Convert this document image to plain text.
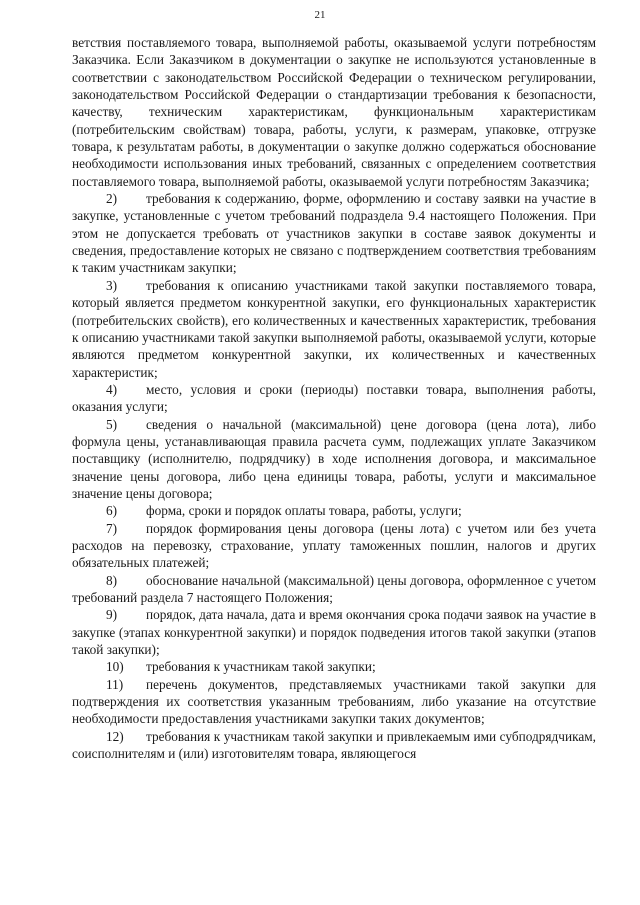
21

ветствия поставляемого товара, выполняемой работы, оказываемой услуги потребностям Заказчика. Если Заказчиком в документации о закупке не используются установленные в соответствии с законодательством Российской Федерации о техническом регулировании, законодательством Российской Федерации о стандартизации требования к безопасности, качеству, техническим характеристикам, функциональным характеристикам (потребительским свойствам) товара, работы, услуги, к размерам, упаковке, отгрузке товара, к результатам работы, в документации о закупке должно содержаться обоснование необходимости использования иных требований, связанных с определением соответствия поставляемого товара, выполняемой работы, оказываемой услуги потребностям Заказчика;

2) требования к содержанию, форме, оформлению и составу заявки на участие в закупке, установленные с учетом требований подраздела 9.4 настоящего Положения. При этом не допускается требовать от участников закупки в составе заявок документы и сведения, предоставление которых не связано с подтверждением соответствия требованиям к таким участникам закупки;

3) требования к описанию участниками такой закупки поставляемого товара, который является предметом конкурентной закупки, его функциональных характеристик (потребительских свойств), его количественных и качественных характеристик, требования к описанию участниками такой закупки выполняемой работы, оказываемой услуги, которые являются предметом конкурентной закупки, их количественных и качественных характеристик;

4) место, условия и сроки (периоды) поставки товара, выполнения работы, оказания услуги;

5) сведения о начальной (максимальной) цене договора (цена лота), либо формула цены, устанавливающая правила расчета сумм, подлежащих уплате Заказчиком поставщику (исполнителю, подрядчику) в ходе исполнения договора, и максимальное значение цены договора, либо цена единицы товара, работы, услуги и максимальное значение цены договора;

6) форма, сроки и порядок оплаты товара, работы, услуги;

7) порядок формирования цены договора (цены лота) с учетом или без учета расходов на перевозку, страхование, уплату таможенных пошлин, налогов и других обязательных платежей;

8) обоснование начальной (максимальной) цены договора, оформленное с учетом требований раздела 7 настоящего Положения;

9) порядок, дата начала, дата и время окончания срока подачи заявок на участие в закупке (этапах конкурентной закупки) и порядок подведения итогов такой закупки (этапов такой закупки);

10) требования к участникам такой закупки;

11) перечень документов, представляемых участниками такой закупки для подтверждения их соответствия указанным требованиям, либо указание на отсутствие необходимости предоставления участниками закупки таких документов;

12) требования к участникам такой закупки и привлекаемым ими субподрядчикам, соисполнителям и (или) изготовителям товара, являющегося
